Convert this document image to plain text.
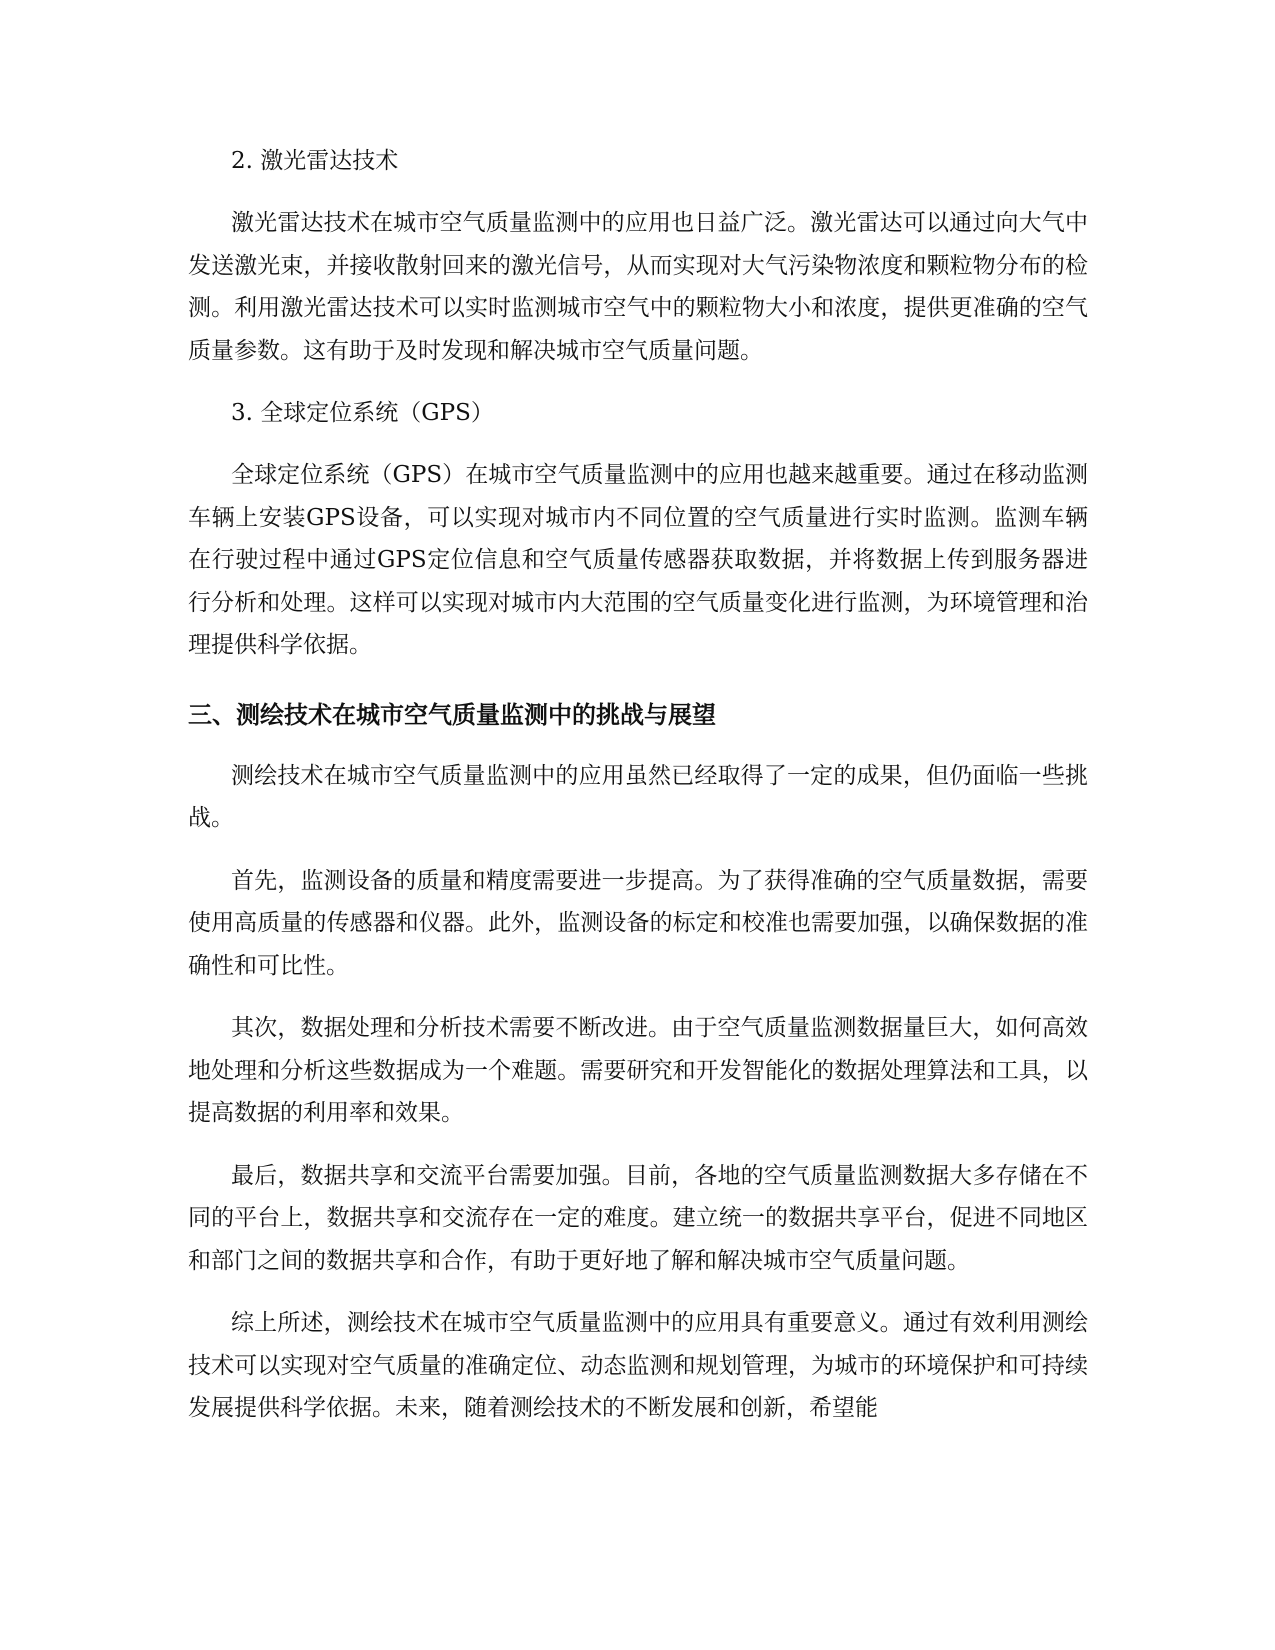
2. 激光雷达技术

激光雷达技术在城市空气质量监测中的应用也日益广泛。激光雷达可以通过向大气中发送激光束，并接收散射回来的激光信号，从而实现对大气污染物浓度和颗粒物分布的检测。利用激光雷达技术可以实时监测城市空气中的颗粒物大小和浓度，提供更准确的空气质量参数。这有助于及时发现和解决城市空气质量问题。

3. 全球定位系统（GPS）

全球定位系统（GPS）在城市空气质量监测中的应用也越来越重要。通过在移动监测车辆上安装GPS设备，可以实现对城市内不同位置的空气质量进行实时监测。监测车辆在行驶过程中通过GPS定位信息和空气质量传感器获取数据，并将数据上传到服务器进行分析和处理。这样可以实现对城市内大范围的空气质量变化进行监测，为环境管理和治理提供科学依据。

三、测绘技术在城市空气质量监测中的挑战与展望

测绘技术在城市空气质量监测中的应用虽然已经取得了一定的成果，但仍面临一些挑战。

首先，监测设备的质量和精度需要进一步提高。为了获得准确的空气质量数据，需要使用高质量的传感器和仪器。此外，监测设备的标定和校准也需要加强，以确保数据的准确性和可比性。

其次，数据处理和分析技术需要不断改进。由于空气质量监测数据量巨大，如何高效地处理和分析这些数据成为一个难题。需要研究和开发智能化的数据处理算法和工具，以提高数据的利用率和效果。

最后，数据共享和交流平台需要加强。目前，各地的空气质量监测数据大多存储在不同的平台上，数据共享和交流存在一定的难度。建立统一的数据共享平台，促进不同地区和部门之间的数据共享和合作，有助于更好地了解和解决城市空气质量问题。

综上所述，测绘技术在城市空气质量监测中的应用具有重要意义。通过有效利用测绘技术可以实现对空气质量的准确定位、动态监测和规划管理，为城市的环境保护和可持续发展提供科学依据。未来，随着测绘技术的不断发展和创新，希望能
